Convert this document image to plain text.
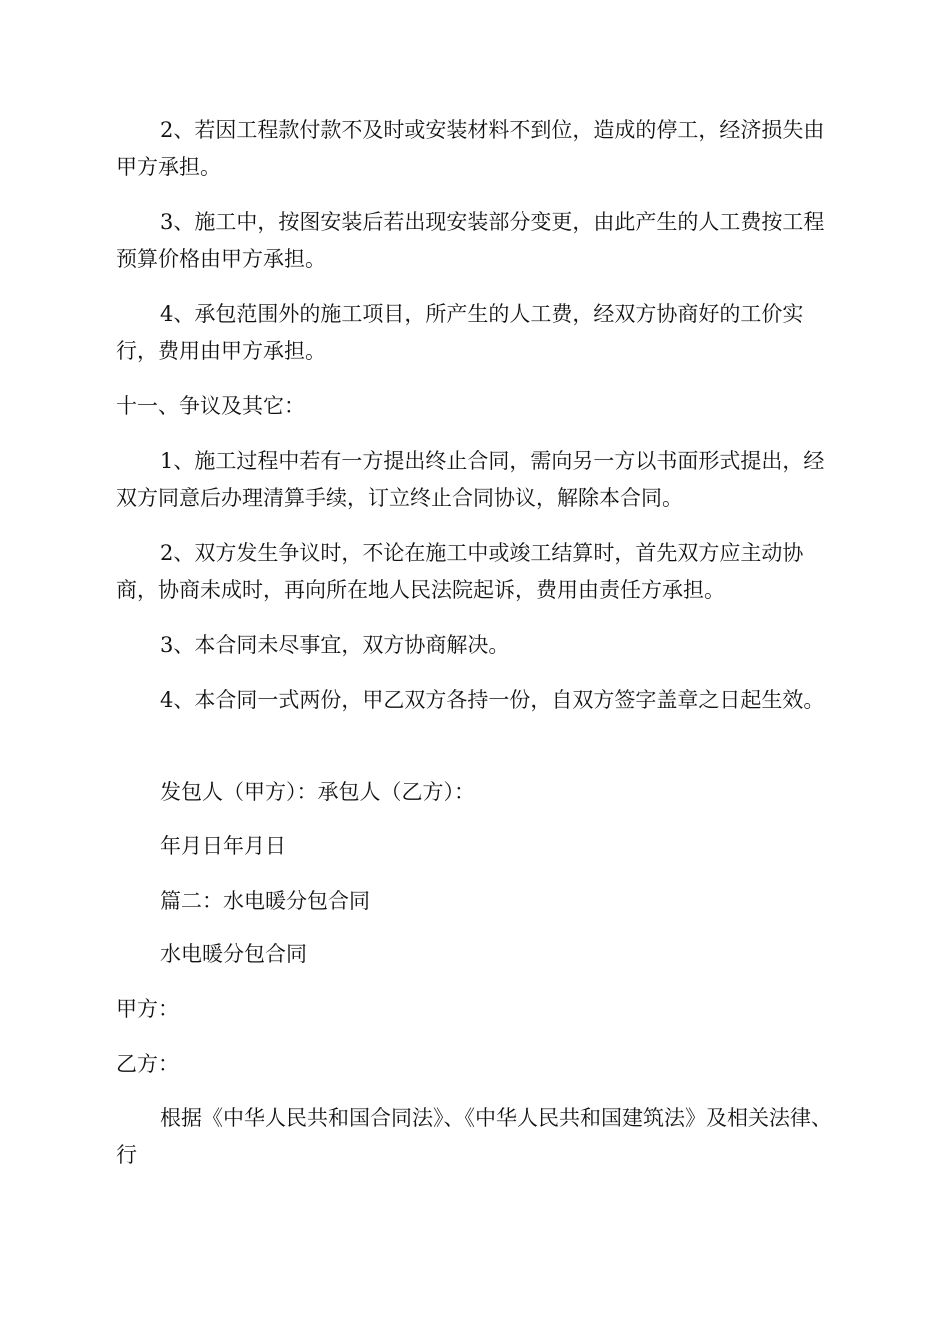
2、若因工程款付款不及时或安装材料不到位，造成的停工，经济损失由甲方承担。

3、施工中，按图安装后若出现安装部分变更，由此产生的人工费按工程预算价格由甲方承担。

4、承包范围外的施工项目，所产生的人工费，经双方协商好的工价实行，费用由甲方承担。

十一、争议及其它：

1、施工过程中若有一方提出终止合同，需向另一方以书面形式提出，经双方同意后办理清算手续，订立终止合同协议，解除本合同。

2、双方发生争议时，不论在施工中或竣工结算时，首先双方应主动协商，协商未成时，再向所在地人民法院起诉，费用由责任方承担。

3、本合同未尽事宜，双方协商解决。

4、本合同一式两份，甲乙双方各持一份，自双方签字盖章之日起生效。

发包人（甲方）：承包人（乙方）：

年月日年月日

篇二：水电暖分包合同

水电暖分包合同

甲方：

乙方：

根据《中华人民共和国合同法》、《中华人民共和国建筑法》及相关法律、行
